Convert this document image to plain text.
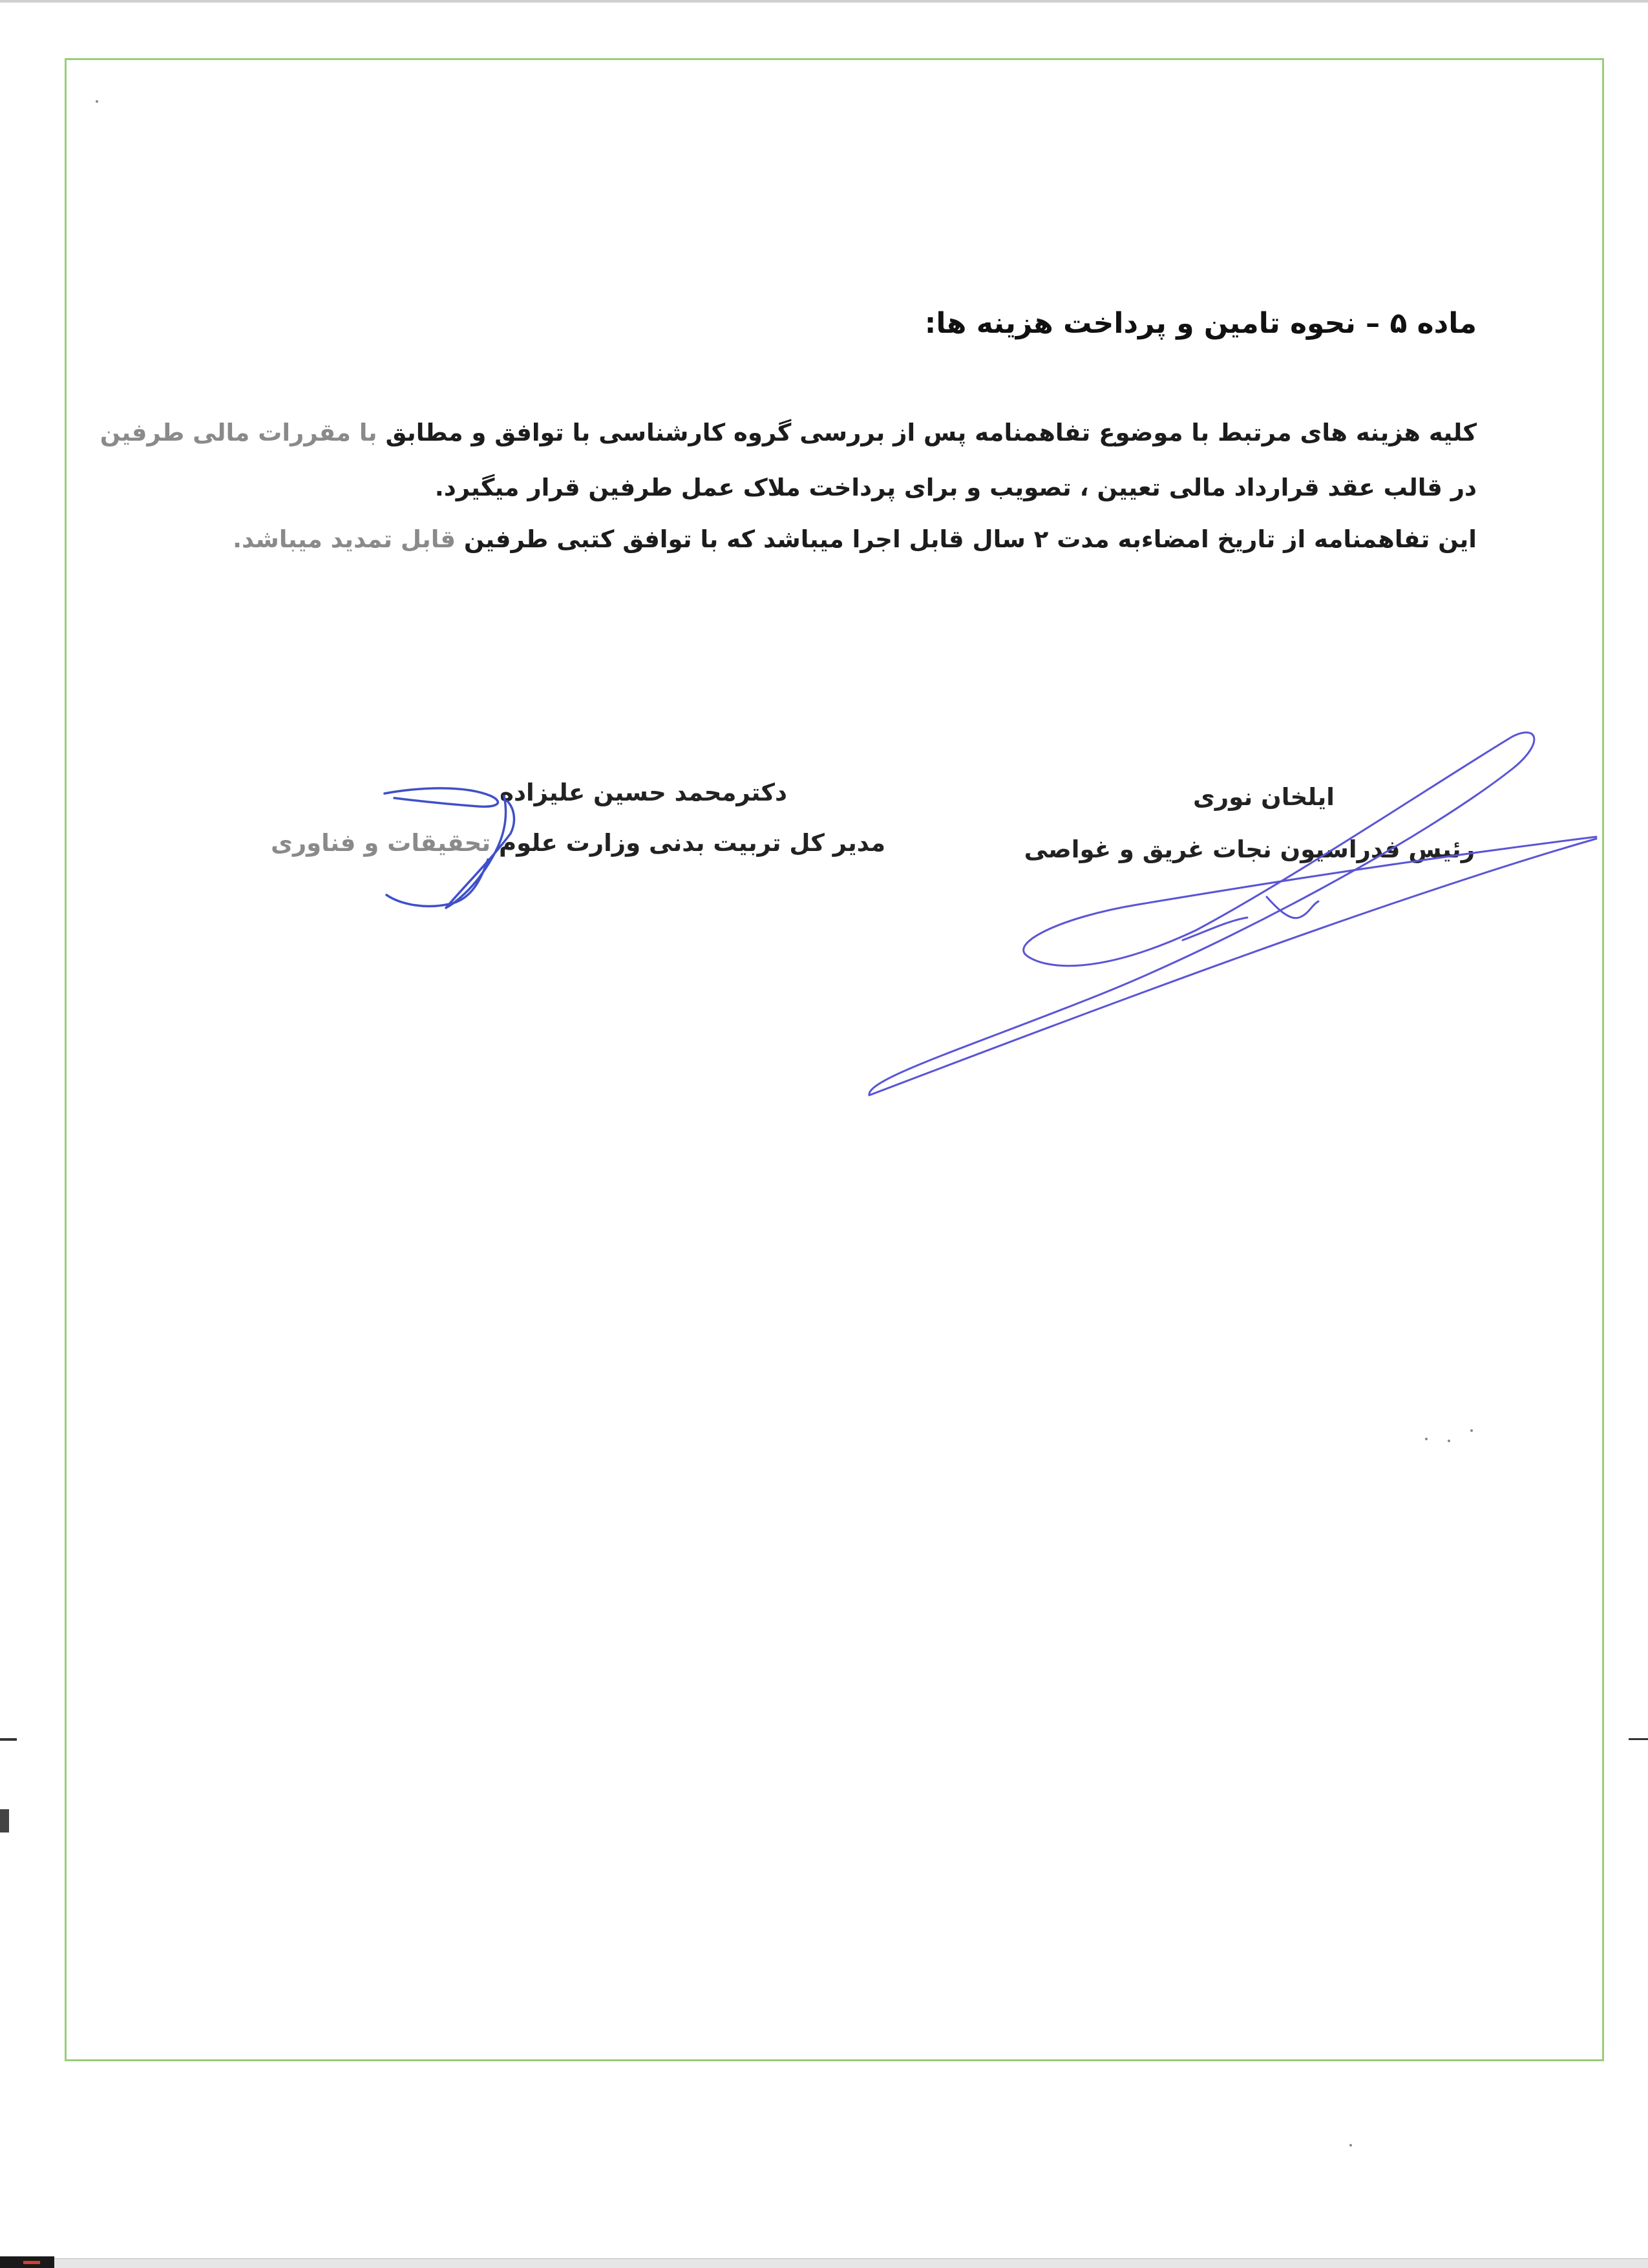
ماده ۵ – نحوه تامین و پرداخت هزینه ها:
کلیه هزینه های مرتبط با موضوع تفاهمنامه پس از بررسی گروه کارشناسی با توافق و مطابق با مقررات مالی طرفین
در قالب عقد قرارداد مالی تعیین ، تصویب و برای پرداخت ملاک عمل طرفین قرار میگیرد.
این تفاهمنامه از تاریخ امضاءبه مدت ۲ سال قابل اجرا میباشد که با توافق کتبی طرفین قابل تمدید میباشد.
ایلخان نوری
رئیس فدراسیون نجات غریق و غواصی
دکترمحمد حسین علیزاده
مدیر کل تربیت بدنی وزارت علوم تحقیقات و فناوری
